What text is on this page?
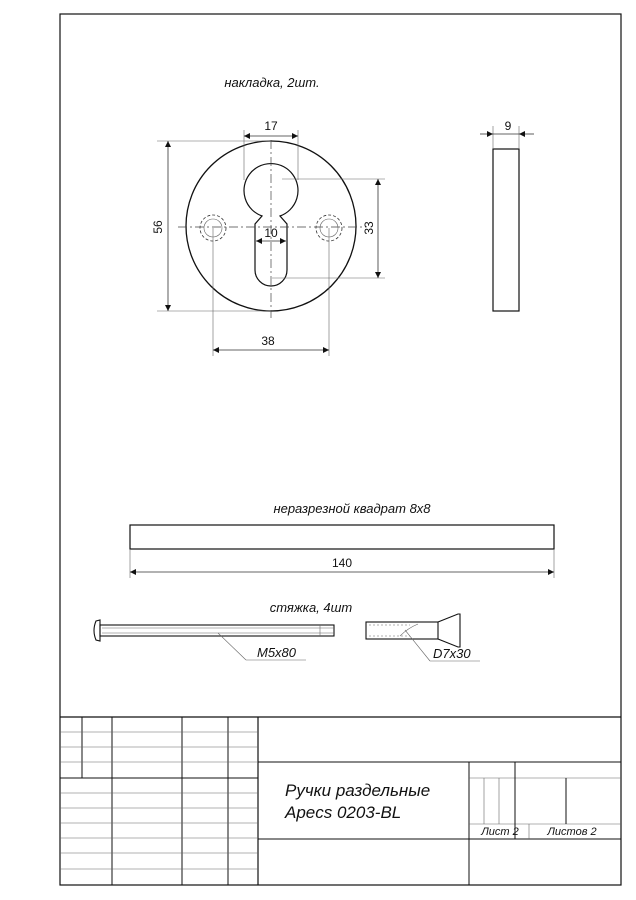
накладка, 2шт.
17
56	10	33
38
9
неразрезной квадрат 8х8
140
стяжка, 4шт
M5x80	D7x30
Ручки раздельные
Apecs 0203-BL
Лист 2	Листов 2
